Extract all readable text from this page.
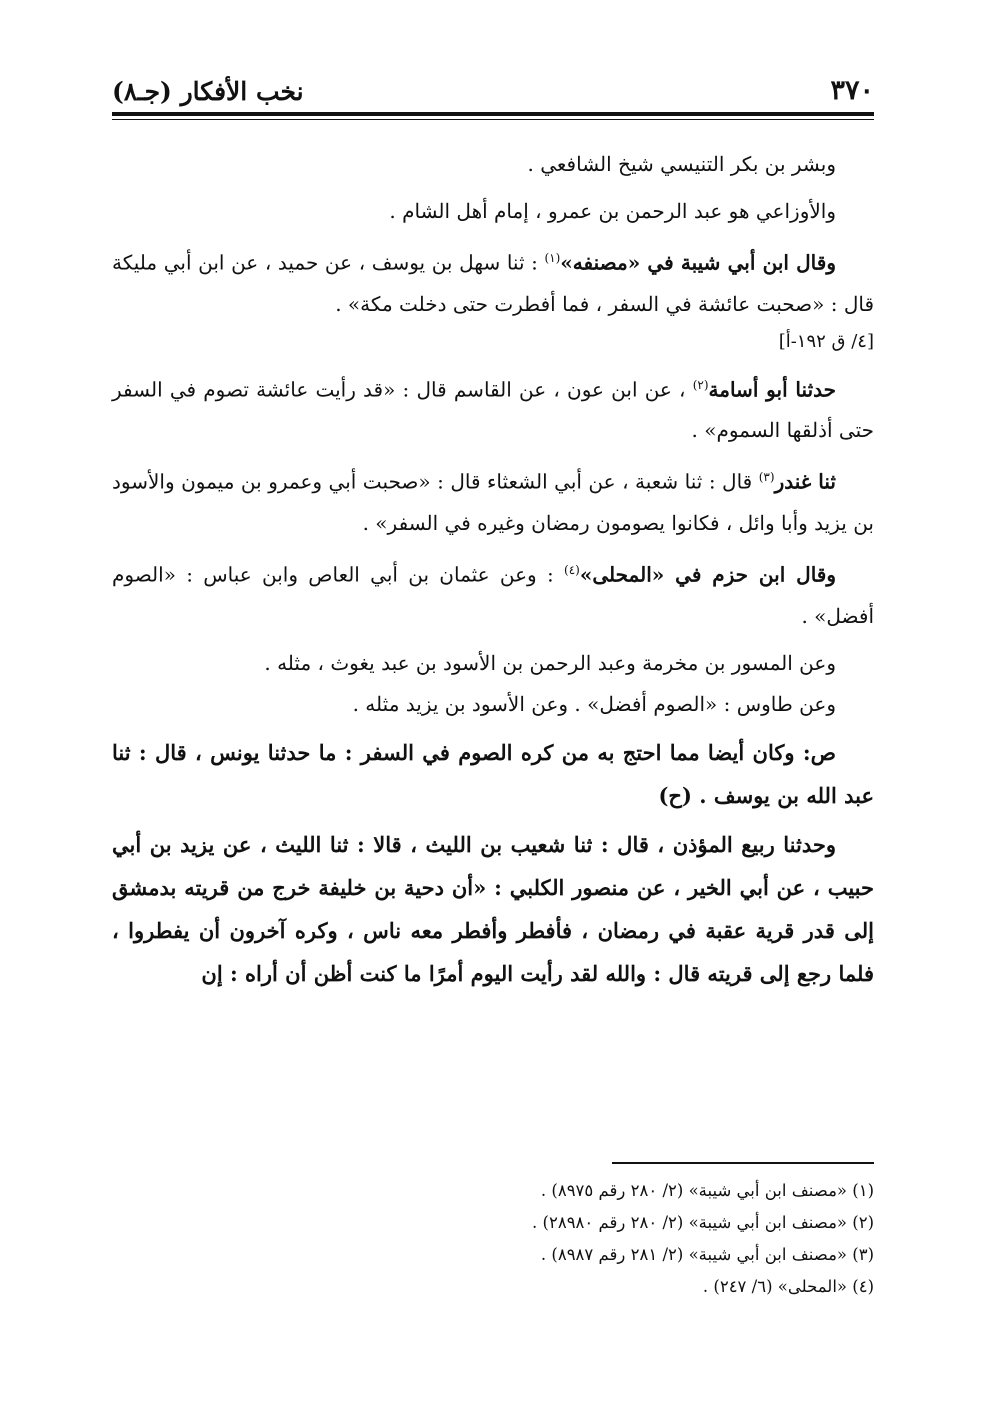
٣٧٠
نخب الأفكار (جـ٨)

وبشر بن بكر التنيسي شيخ الشافعي .

والأوزاعي هو عبد الرحمن بن عمرو ، إمام أهل الشام .

وقال ابن أبي شيبة في «مصنفه»$^{(١)}$ : ثنا سهل بن يوسف ، عن حميد ، عن ابن أبي مليكة قال : «صحبت عائشة في السفر ، فما أفطرت حتى دخلت مكة» .

[٤/ ق ١٩٢-أ]

حدثنا أبو أسامة$^{(٢)}$ ، عن ابن عون ، عن القاسم قال : «قد رأيت عائشة تصوم في السفر حتى أذلقها السموم» .

ثنا غندر$^{(٣)}$ قال : ثنا شعبة ، عن أبي الشعثاء قال : «صحبت أبي وعمرو بن ميمون والأسود بن يزيد وأبا وائل ، فكانوا يصومون رمضان وغيره في السفر» .

وقال ابن حزم في «المحلى»$^{(٤)}$ : وعن عثمان بن أبي العاص وابن عباس : «الصوم أفضل» .

وعن المسور بن مخرمة وعبد الرحمن بن الأسود بن عبد يغوث ، مثله .

وعن طاوس : «الصوم أفضل» . وعن الأسود بن يزيد مثله .

ص: وكان أيضا مما احتج به من كره الصوم في السفر : ما حدثنا يونس ، قال : ثنا عبد الله بن يوسف . (ح)

وحدثنا ربيع المؤذن ، قال : ثنا شعيب بن الليث ، قالا : ثنا الليث ، عن يزيد بن أبي حبيب ، عن أبي الخير ، عن منصور الكلبي : «أن دحية بن خليفة خرج من قريته بدمشق إلى قدر قرية عقبة في رمضان ، فأفطر وأفطر معه ناس ، وكره آخرون أن يفطروا ، فلما رجع إلى قريته قال : والله لقد رأيت اليوم أمرًا ما كنت أظن أن أراه : إن

(١) «مصنف ابن أبي شيبة» (٢/ ٢٨٠ رقم ٨٩٧٥) .

(٢) «مصنف ابن أبي شيبة» (٢/ ٢٨٠ رقم ٢٨٩٨٠) .

(٣) «مصنف ابن أبي شيبة» (٢/ ٢٨١ رقم ٨٩٨٧) .

(٤) «المحلى» (٦/ ٢٤٧) .
